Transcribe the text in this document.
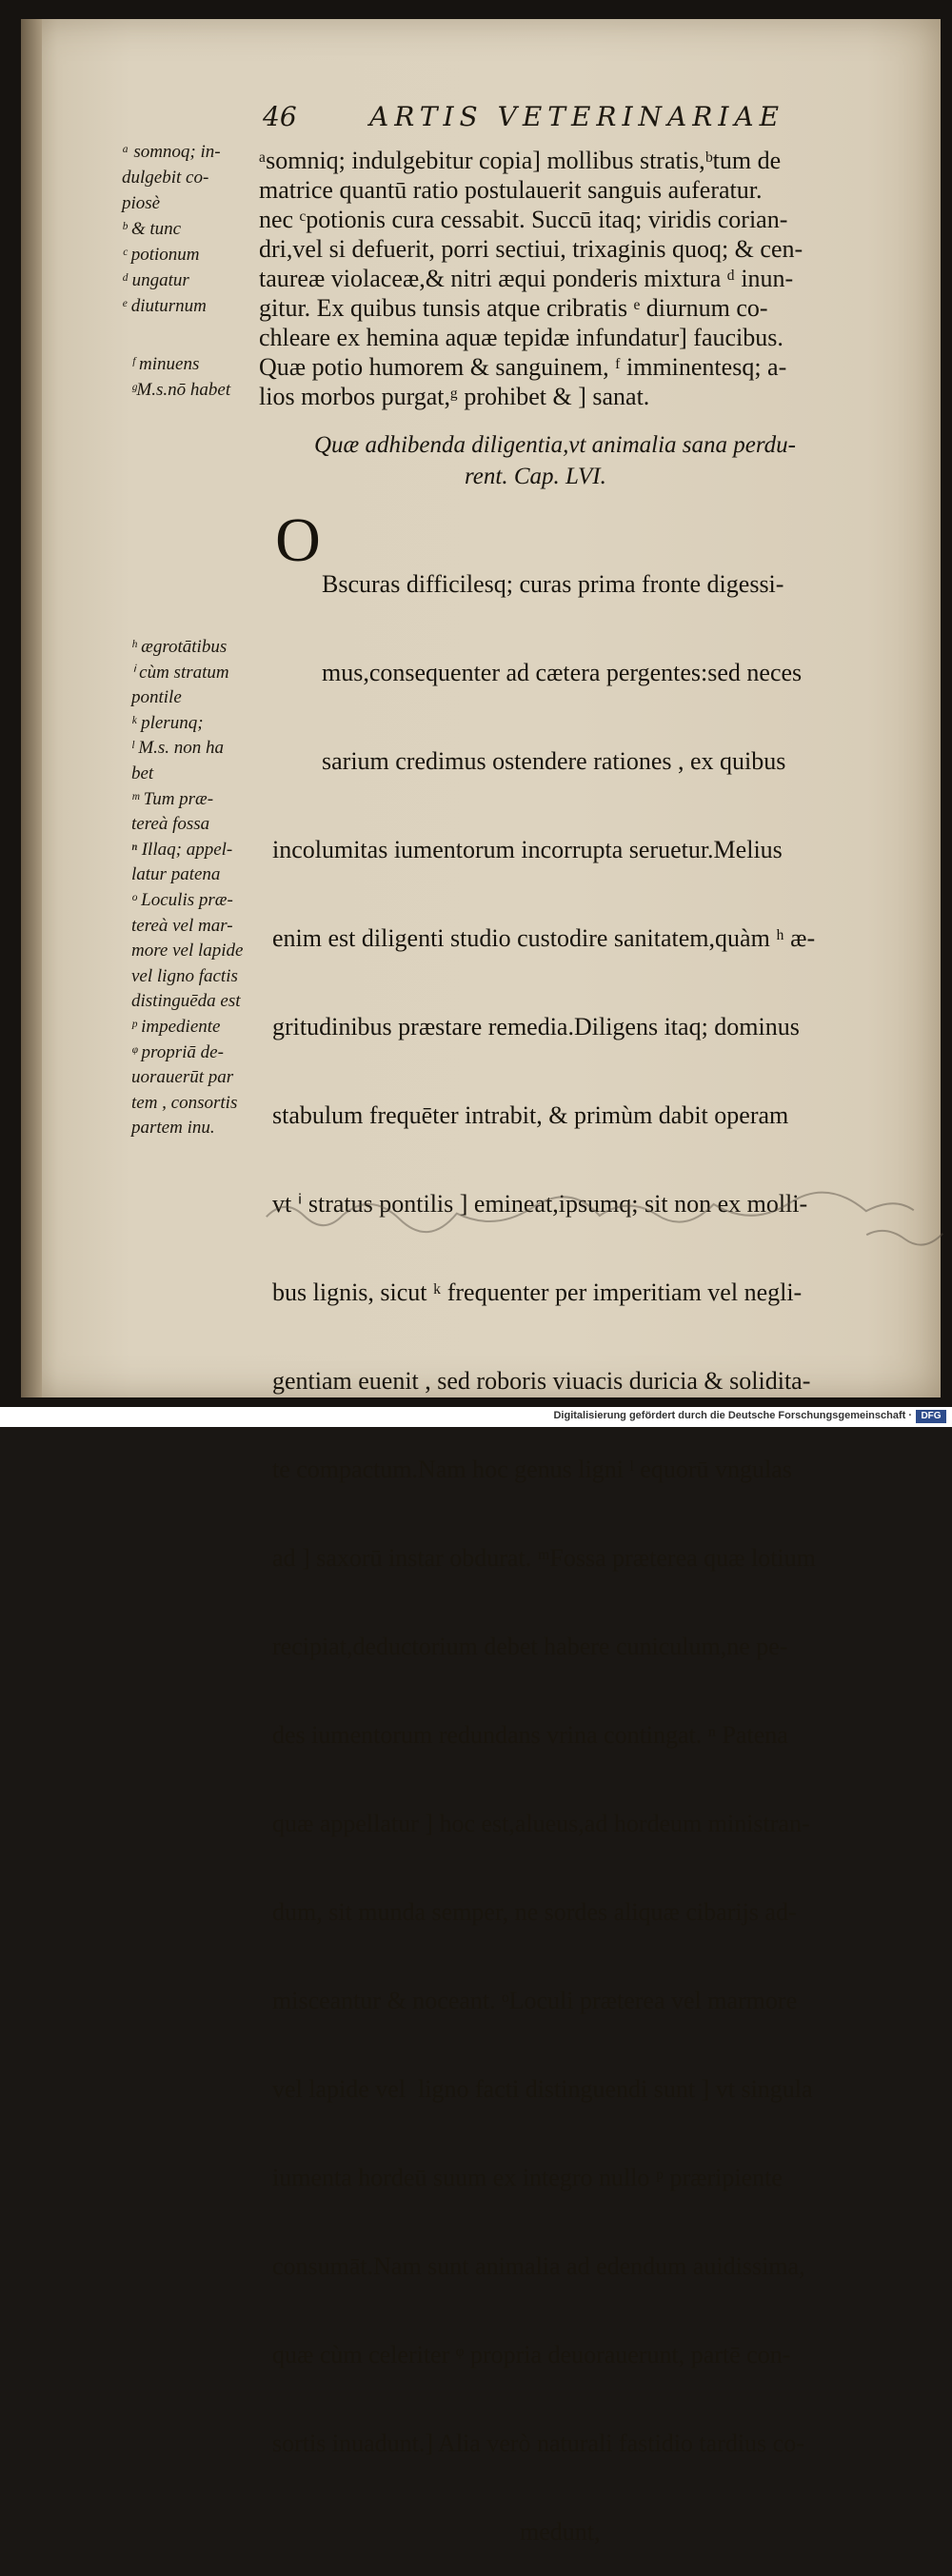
46	ARTIS VETERINARIAE
ᵃ somnoq; in-
dulgebit co-
piosè
ᵇ & tunc
ᶜ potionum
ᵈ ungatur
ᵉ diuturnum
ᶠ minuens
ᵍM.s.nō habet
ᵃsomniq; indulgebitur copia] mollibus stratis,ᵇtum de
matrice quantū ratio postulauerit sanguis auferatur.
nec ᶜpotionis cura cessabit. Succū itaq; viridis corian-
dri,vel si defuerit, porri sectiui, trixaginis quoq; & cen-
taureæ violaceæ,& nitri æqui ponderis mixtura ᵈ inun-
gitur. Ex quibus tunsis atque cribratis ᵉ diurnum co-
chleare ex hemina aquæ tepidæ infundatur] faucibus.
Quæ potio humorem & sanguinem, ᶠ imminentesq; a-
lios morbos purgat,ᵍ prohibet & ] sanat.
Quæ adhibenda diligentia,vt animalia sana perdu-
rent. Cap. LVI.
O

Bscuras difficilesq; curas prima fronte digessi-

mus,consequenter ad cætera pergentes:sed neces

sarium credimus ostendere rationes , ex quibus

incolumitas iumentorum incorrupta seruetur.Melius

enim est diligenti studio custodire sanitatem,quàm ʰ æ-

gritudinibus præstare remedia.Diligens itaq; dominus

stabulum frequēter intrabit, & primùm dabit operam

vt ⁱ stratus pontilis ] emineat,ipsumq; sit non ex molli-

bus lignis, sicut ᵏ frequenter per imperitiam vel negli-

gentiam euenit , sed roboris viuacis duricia & solidita-

te compactum.Nam hoc genus ligni ˡ equorū vngulas

ad ] saxorū instar obdurat. ᵐFossa præterea quæ lotium

recipiat,deductorium debet habere cuniculum,ne pe-

des iumentorum redundans vrina contingat. ⁿ Patena

quæ appellatur ] hoc est,alueus,ad hordeum ministran-

dum, sit munda semper, ne sordes aliquæ cibarijs ad-

misceantur & noceant. ᵒLoculi præterea vel marmore

vel lapide vel  ligno facti distinguendi sunt ] vt singula

iumenta hordeū suum ex integro nullo ᵖ præripiente

consumāt.Nam sunt animalia ad edendum auidissima,

quæ cùm celeriter ᵠ propria deuorauerunt, partē con-

sortis inuadunt.] Alia verò naturali fastidio tardius co-

medunt,

ʰ ægrotātibus
ⁱ cùm stratum
pontile
ᵏ plerunq;
ˡ M.s. non ha
bet
ᵐ Tum præ-
tereà fossa
ⁿ Illaq; appel-
latur patena
ᵒ Loculis præ-
tereà vel mar-
more vel lapide
vel ligno factis
distinguēda est
ᵖ impediente
ᵠ propriā de-
uorauerūt par
tem , consortis
partem inu.
Digitalisierung gefördert durch die Deutsche Forschungsgemeinschaft · DFG
